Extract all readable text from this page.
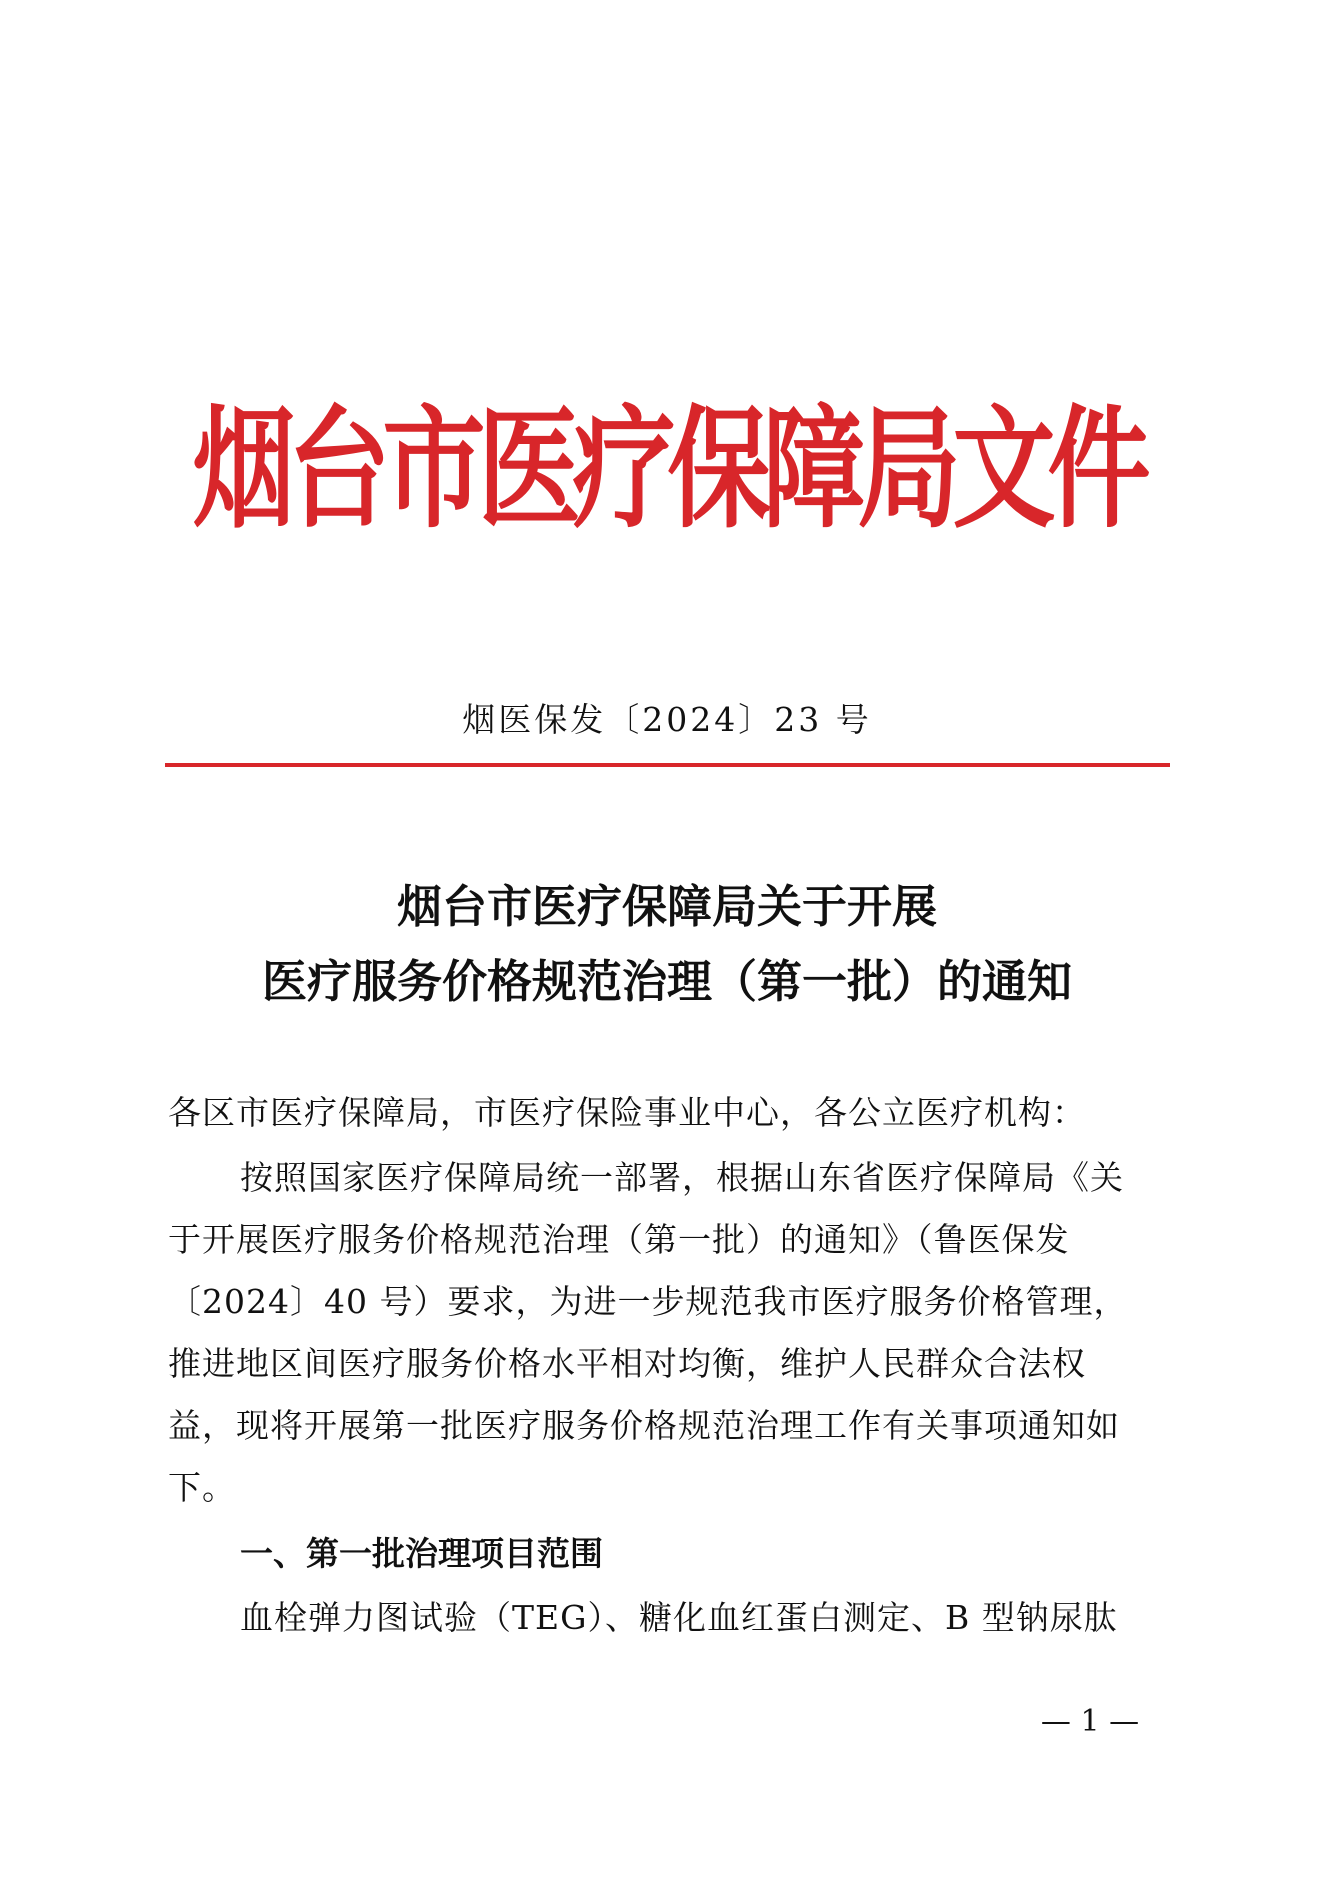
烟台市医疗保障局文件
烟医保发〔2024〕23 号
烟台市医疗保障局关于开展
医疗服务价格规范治理（第一批）的通知
各区市医疗保障局，市医疗保险事业中心，各公立医疗机构：
按照国家医疗保障局统一部署，根据山东省医疗保障局《关
于开展医疗服务价格规范治理（第一批）的通知》（鲁医保发
〔2024〕40 号）要求，为进一步规范我市医疗服务价格管理，
推进地区间医疗服务价格水平相对均衡，维护人民群众合法权
益，现将开展第一批医疗服务价格规范治理工作有关事项通知如
下。
一、第一批治理项目范围
血栓弹力图试验（TEG）、糖化血红蛋白测定、B 型钠尿肽
— 1 —
